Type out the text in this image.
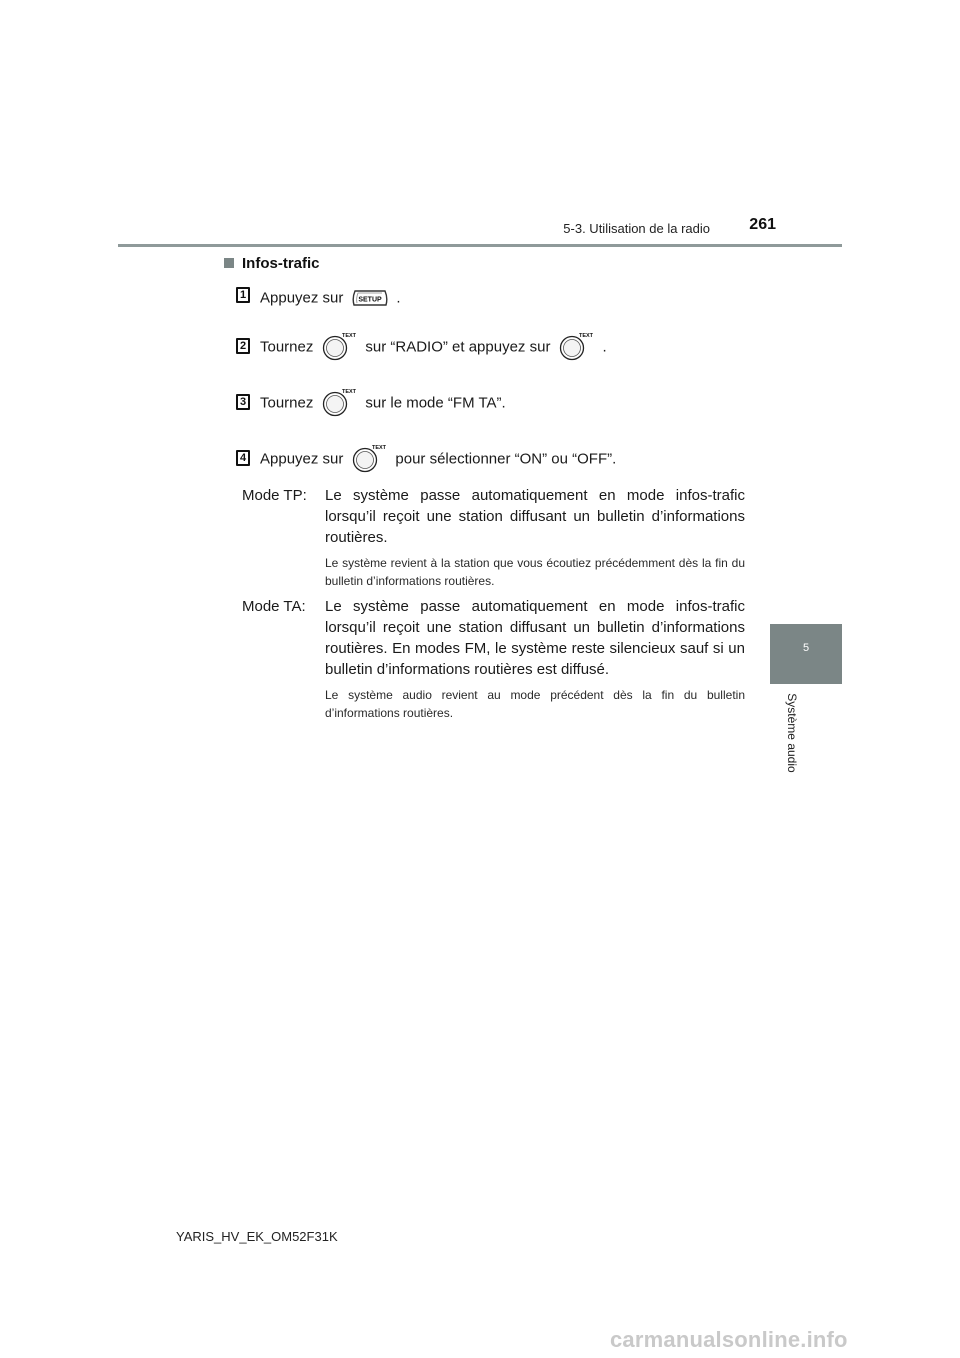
5-3. Utilisation de la radio	261
Infos-trafic
1 Appuyez sur SETUP .
2 Tournez
TEXT
sur “RADIO” et appuyez sur
TEXT
.
3 Tournez
TEXT
sur le mode “FM TA”.
4 Appuyez sur
TEXT
pour sélectionner “ON” ou “OFF”.
Mode TP: Le système passe automatiquement en mode infos-trafic lorsqu’il reçoit une station diffusant un bulletin d’informations routières.
Le système revient à la station que vous écoutiez précédemment dès la fin du bulletin d’informations routières.
Mode TA: Le système passe automatiquement en mode infos-trafic lorsqu’il reçoit une station diffusant un bulletin d’informations routières. En modes FM, le système reste silencieux sauf si un bulletin d’informations routières est diffusé.
Le système audio revient au mode précédent dès la fin du bulletin d’informations routières.
5
Système audio
YARIS_HV_EK_OM52F31K
carmanualsonline.info
